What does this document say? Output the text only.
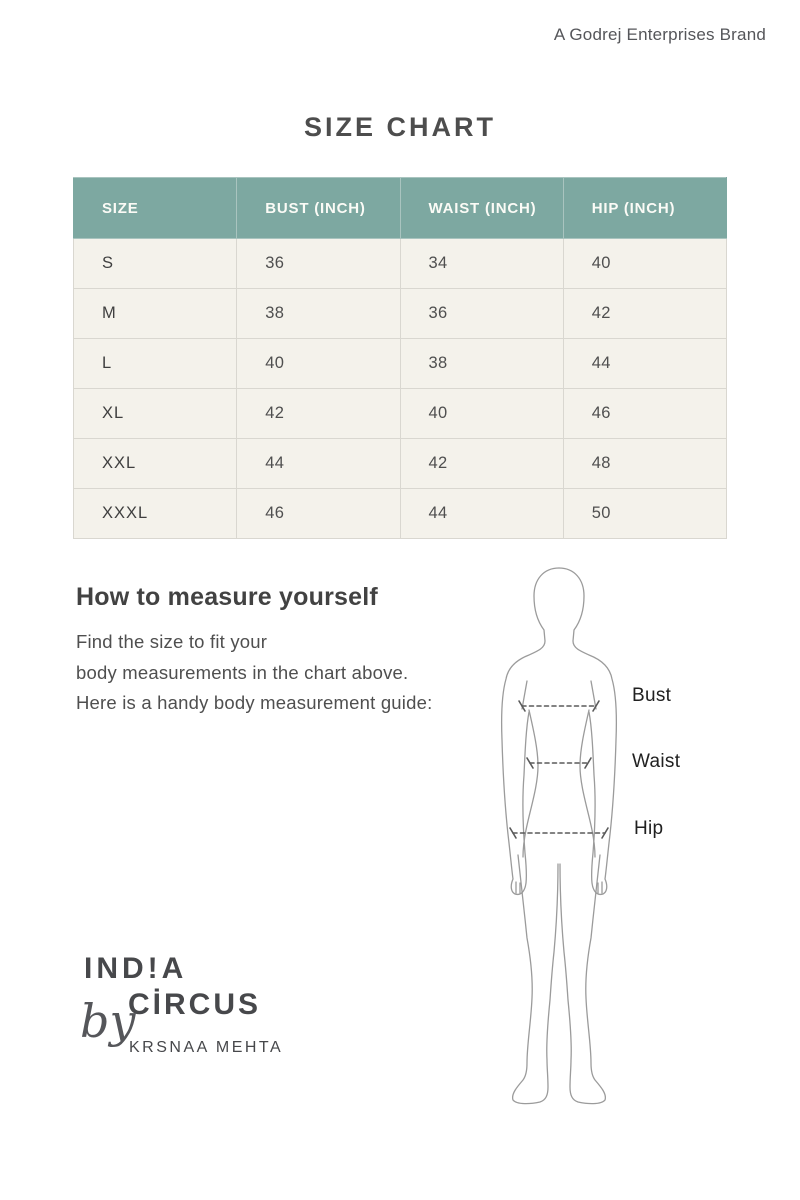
A Godrej Enterprises Brand
SIZE CHART
SIZE	BUST (INCH)	WAIST (INCH)	HIP (INCH)
S	36	34	40
M	38	36	42
L	40	38	44
XL	42	40	46
XXL	44	42	48
XXXL	46	44	50
How to measure yourself
Find the size to fit your
body measurements in the chart above.
Here is a handy body measurement guide:	Bust
Waist
Hip
IND!A
CİRCUS
by
KRSNAA MEHTA
